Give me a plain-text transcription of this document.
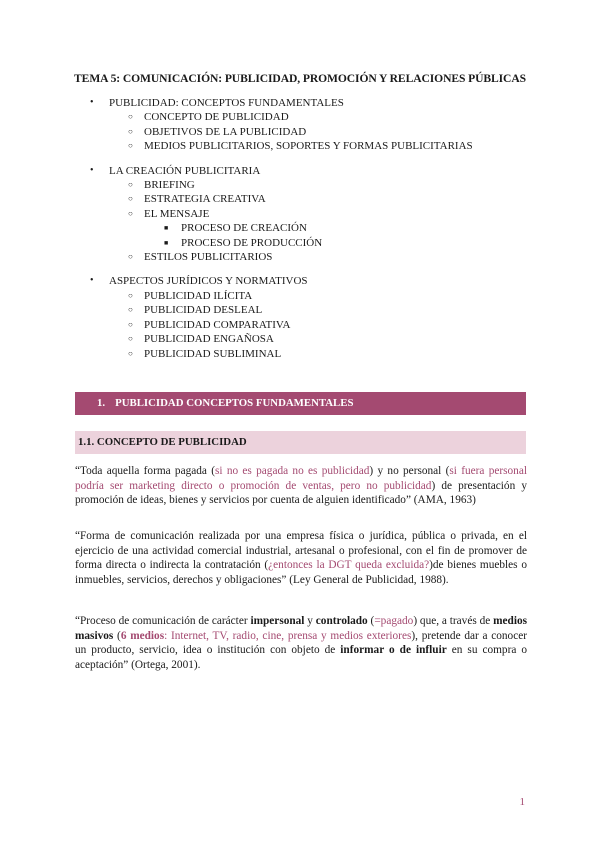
TEMA 5: COMUNICACIÓN: PUBLICIDAD, PROMOCIÓN Y RELACIONES PÚBLICAS
• PUBLICIDAD: CONCEPTOS FUNDAMENTALES
○ CONCEPTO DE PUBLICIDAD
○ OBJETIVOS DE LA PUBLICIDAD
○ MEDIOS PUBLICITARIOS, SOPORTES Y FORMAS PUBLICITARIAS
• LA CREACIÓN PUBLICITARIA
○ BRIEFING
○ ESTRATEGIA CREATIVA
○ EL MENSAJE
■ PROCESO DE CREACIÓN
■ PROCESO DE PRODUCCIÓN
○ ESTILOS PUBLICITARIOS
• ASPECTOS JURÍDICOS Y NORMATIVOS
○ PUBLICIDAD ILÍCITA
○ PUBLICIDAD DESLEAL
○ PUBLICIDAD COMPARATIVA
○ PUBLICIDAD ENGAÑOSA
○ PUBLICIDAD SUBLIMINAL
1. PUBLICIDAD CONCEPTOS FUNDAMENTALES
1.1. CONCEPTO DE PUBLICIDAD

“Toda aquella forma pagada (si no es pagada no es publicidad) y no personal (si fuera personal podría ser marketing directo o promoción de ventas, pero no publicidad) de presentación y promoción de ideas, bienes y servicios por cuenta de alguien identificado” (AMA, 1963)

“Forma de comunicación realizada por una empresa física o jurídica, pública o privada, en el ejercicio de una actividad comercial industrial, artesanal o profesional, con el fin de promover de forma directa o indirecta la contratación (¿entonces la DGT queda excluida?)de bienes muebles o inmuebles, servicios, derechos y obligaciones” (Ley General de Publicidad, 1988).

“Proceso de comunicación de carácter impersonal y controlado (=pagado) que, a través de medios masivos (6 medios: Internet, TV, radio, cine, prensa y medios exteriores), pretende dar a conocer un producto, servicio, idea o institución con objeto de informar o de influir en su compra o aceptación” (Ortega, 2001).

1
